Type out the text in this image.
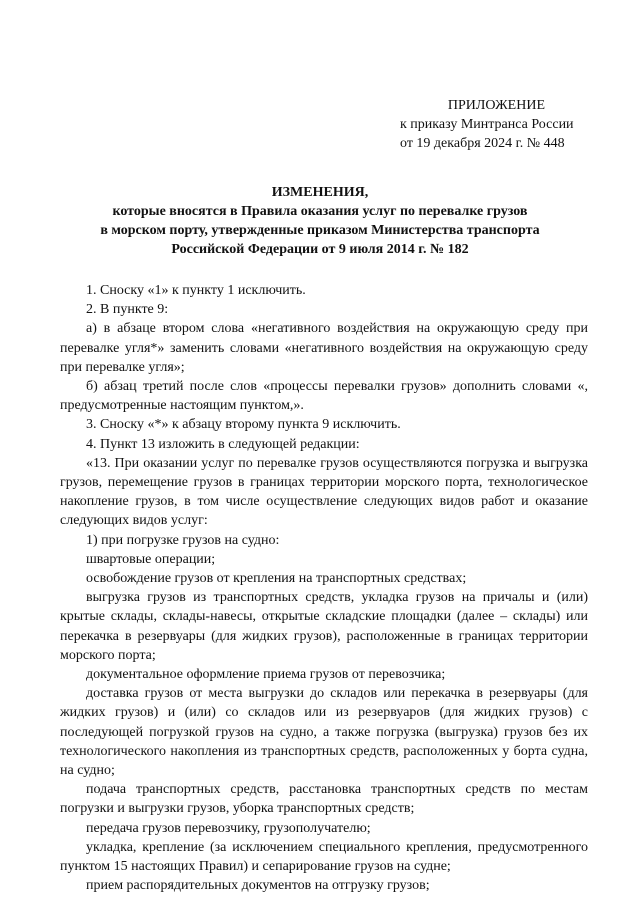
ПРИЛОЖЕНИЕ
к приказу Минтранса России
от 19 декабря 2024 г. № 448
ИЗМЕНЕНИЯ,
которые вносятся в Правила оказания услуг по перевалке грузов
в морском порту, утвержденные приказом Министерства транспорта
Российской Федерации от 9 июля 2014 г. № 182

1. Сноску «1» к пункту 1 исключить.

2. В пункте 9:

а) в абзаце втором слова «негативного воздействия на окружающую среду при перевалке угля*» заменить словами «негативного воздействия на окружающую среду при перевалке угля»;

б) абзац третий после слов «процессы перевалки грузов» дополнить словами «, предусмотренные настоящим пунктом,».

3. Сноску «*» к абзацу второму пункта 9 исключить.

4. Пункт 13 изложить в следующей редакции:

«13. При оказании услуг по перевалке грузов осуществляются погрузка и выгрузка грузов, перемещение грузов в границах территории морского порта, технологическое накопление грузов, в том числе осуществление следующих видов работ и оказание следующих видов услуг:

1) при погрузке грузов на судно:

швартовые операции;

освобождение грузов от крепления на транспортных средствах;

выгрузка грузов из транспортных средств, укладка грузов на причалы и (или) крытые склады, склады-навесы, открытые складские площадки (далее – склады) или перекачка в резервуары (для жидких грузов), расположенные в границах территории морского порта;

документальное оформление приема грузов от перевозчика;

доставка грузов от места выгрузки до складов или перекачка в резервуары (для жидких грузов) и (или) со складов или из резервуаров (для жидких грузов) с последующей погрузкой грузов на судно, а также погрузка (выгрузка) грузов без их технологического накопления из транспортных средств, расположенных у борта судна, на судно;

подача транспортных средств, расстановка транспортных средств по местам погрузки и выгрузки грузов, уборка транспортных средств;

передача грузов перевозчику, грузополучателю;

укладка, крепление (за исключением специального крепления, предусмотренного пунктом 15 настоящих Правил) и сепарирование грузов на судне;

прием распорядительных документов на отгрузку грузов;
